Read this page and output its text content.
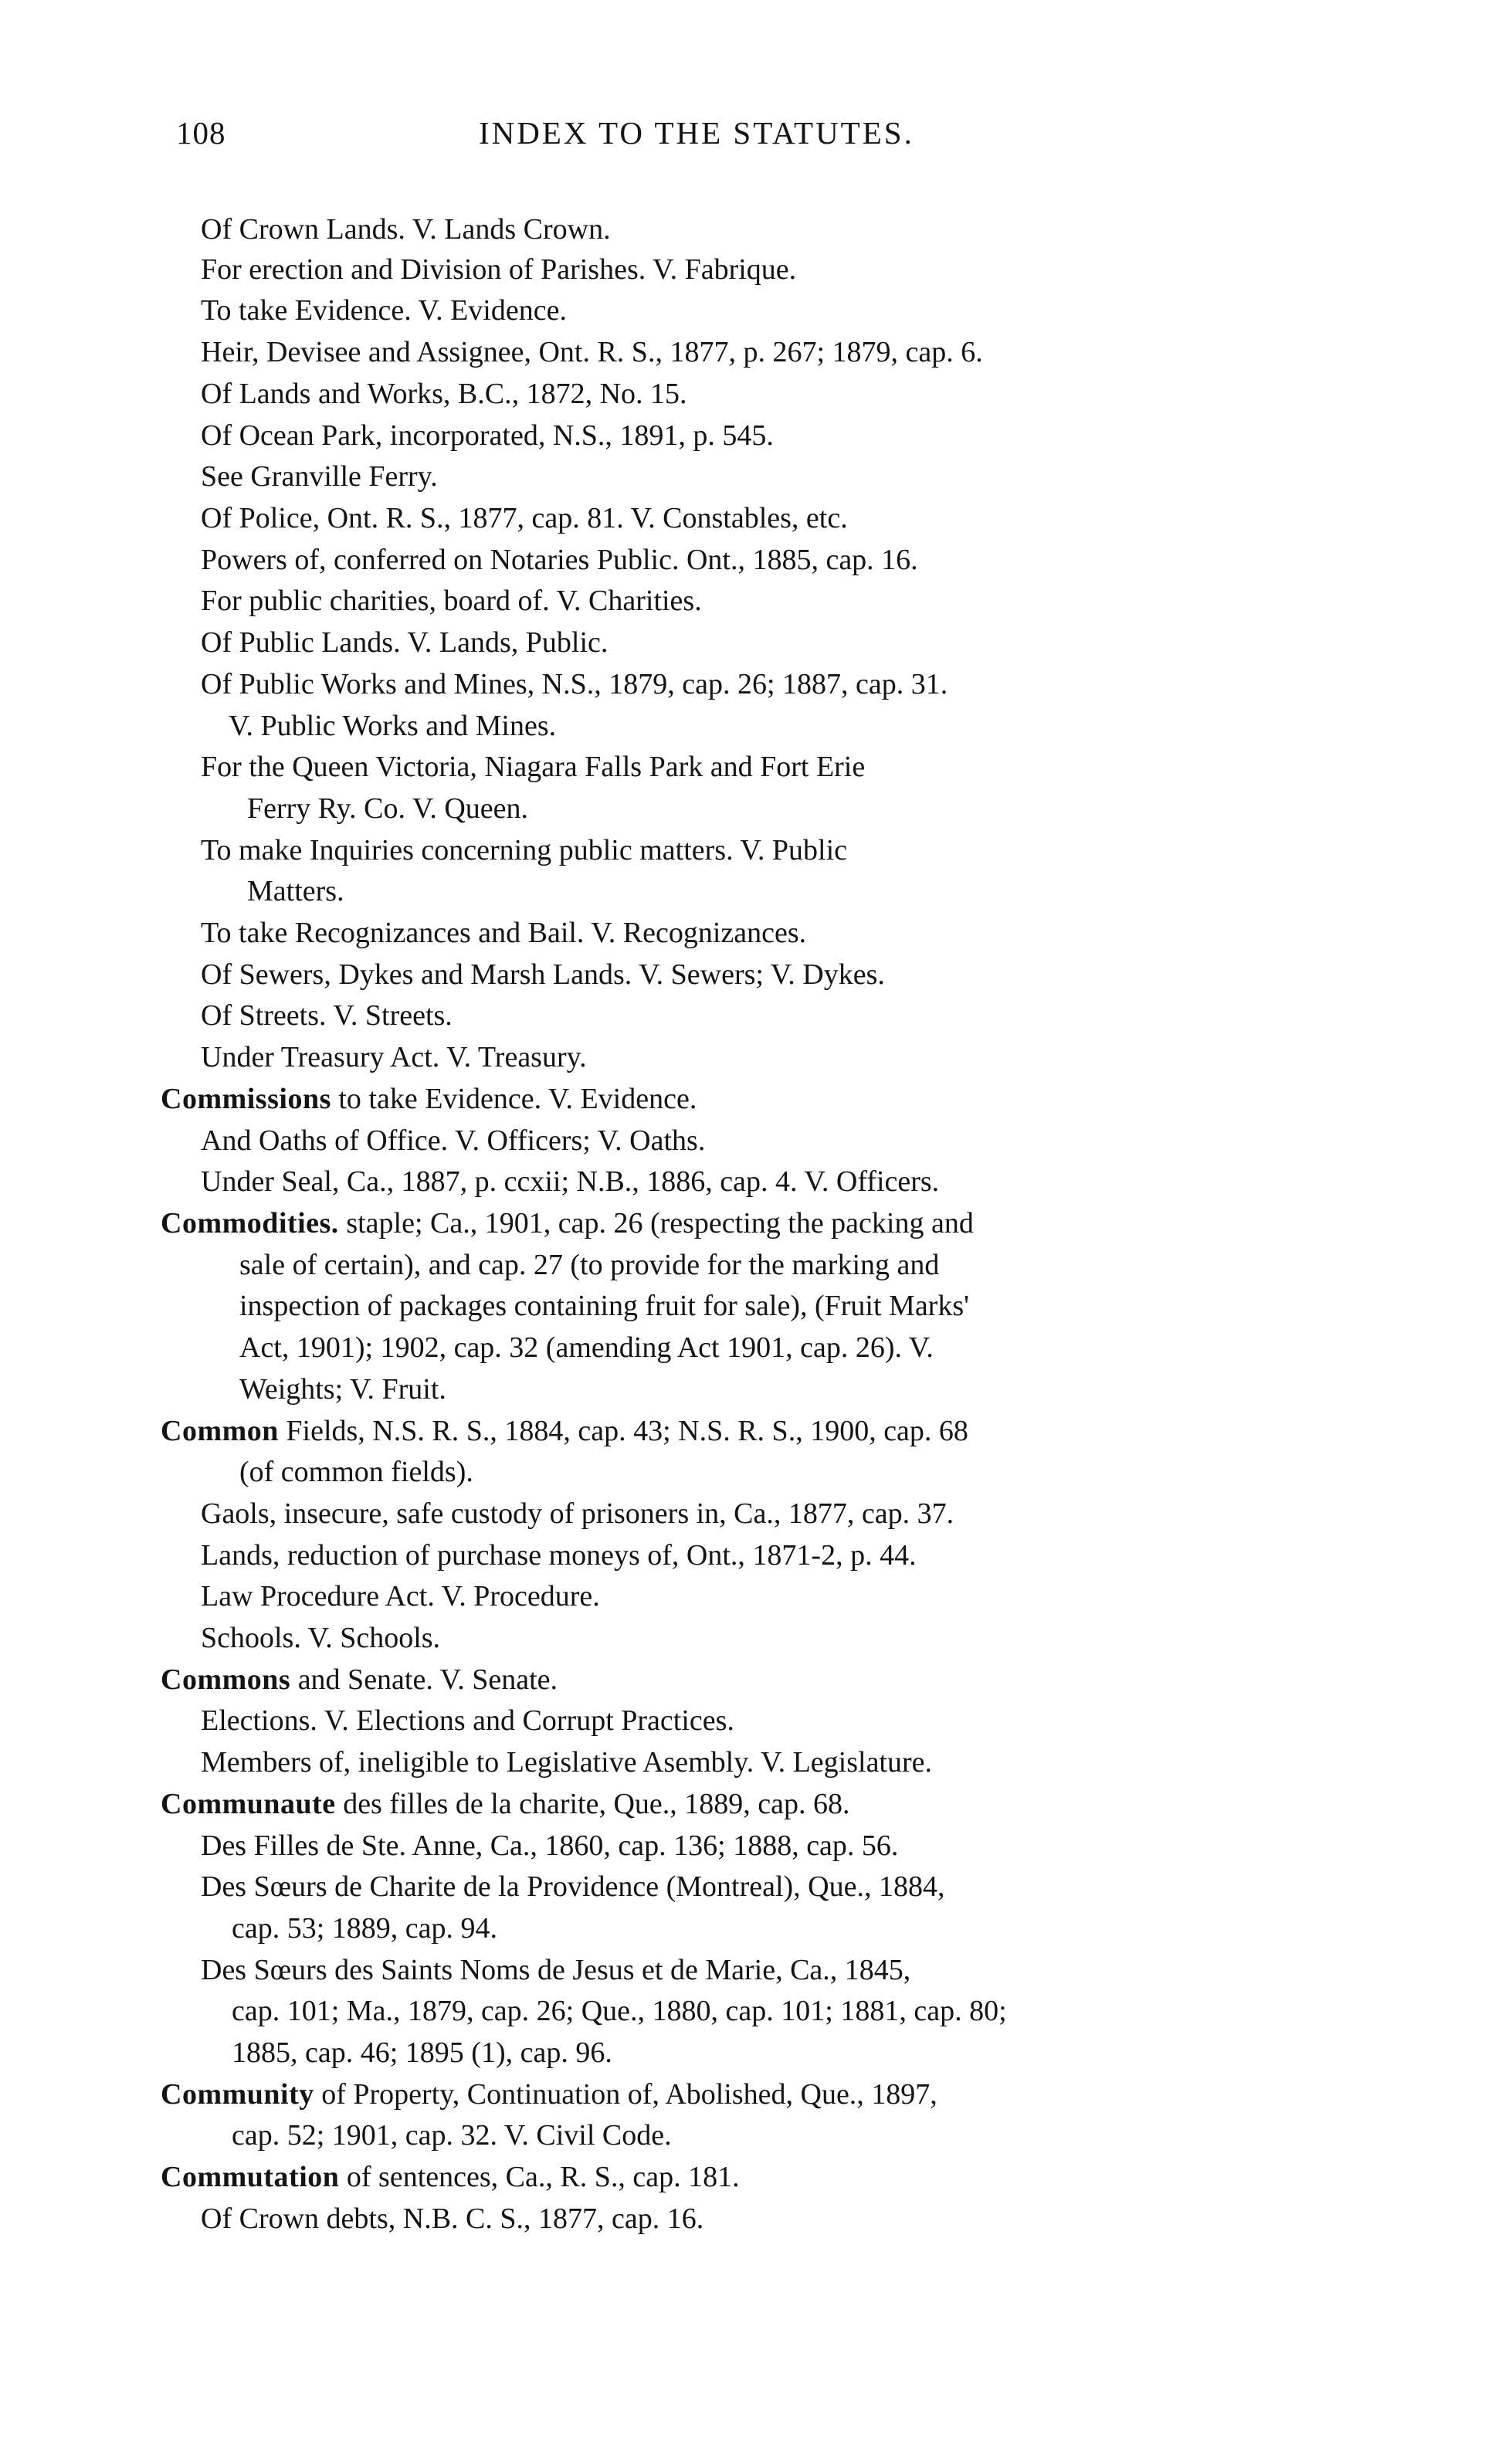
108	INDEX TO THE STATUTES.
Of Crown Lands. V. Lands Crown.
For erection and Division of Parishes. V. Fabrique.
To take Evidence. V. Evidence.
Heir, Devisee and Assignee, Ont. R. S., 1877, p. 267; 1879, cap. 6.
Of Lands and Works, B.C., 1872, No. 15.
Of Ocean Park, incorporated, N.S., 1891, p. 545.
See Granville Ferry.
Of Police, Ont. R. S., 1877, cap. 81. V. Constables, etc.
Powers of, conferred on Notaries Public. Ont., 1885, cap. 16.
For public charities, board of. V. Charities.
Of Public Lands. V. Lands, Public.
Of Public Works and Mines, N.S., 1879, cap. 26; 1887, cap. 31.
V. Public Works and Mines.
For the Queen Victoria, Niagara Falls Park and Fort Erie
Ferry Ry. Co. V. Queen.
To make Inquiries concerning public matters. V. Public
Matters.
To take Recognizances and Bail. V. Recognizances.
Of Sewers, Dykes and Marsh Lands. V. Sewers; V. Dykes.
Of Streets. V. Streets.
Under Treasury Act. V. Treasury.
Commissions to take Evidence. V. Evidence.
And Oaths of Office. V. Officers; V. Oaths.
Under Seal, Ca., 1887, p. ccxii; N.B., 1886, cap. 4. V. Officers.
Commodities. staple; Ca., 1901, cap. 26 (respecting the packing and
sale of certain), and cap. 27 (to provide for the marking and
inspection of packages containing fruit for sale), (Fruit Marks'
Act, 1901); 1902, cap. 32 (amending Act 1901, cap. 26). V.
Weights; V. Fruit.
Common Fields, N.S. R. S., 1884, cap. 43; N.S. R. S., 1900, cap. 68
(of common fields).
Gaols, insecure, safe custody of prisoners in, Ca., 1877, cap. 37.
Lands, reduction of purchase moneys of, Ont., 1871-2, p. 44.
Law Procedure Act. V. Procedure.
Schools. V. Schools.
Commons and Senate. V. Senate.
Elections. V. Elections and Corrupt Practices.
Members of, ineligible to Legislative Asembly. V. Legislature.
Communaute des filles de la charite, Que., 1889, cap. 68.
Des Filles de Ste. Anne, Ca., 1860, cap. 136; 1888, cap. 56.
Des Sœurs de Charite de la Providence (Montreal), Que., 1884,
cap. 53; 1889, cap. 94.
Des Sœurs des Saints Noms de Jesus et de Marie, Ca., 1845,
cap. 101; Ma., 1879, cap. 26; Que., 1880, cap. 101; 1881, cap. 80;
1885, cap. 46; 1895 (1), cap. 96.
Community of Property, Continuation of, Abolished, Que., 1897,
cap. 52; 1901, cap. 32. V. Civil Code.
Commutation of sentences, Ca., R. S., cap. 181.
Of Crown debts, N.B. C. S., 1877, cap. 16.
